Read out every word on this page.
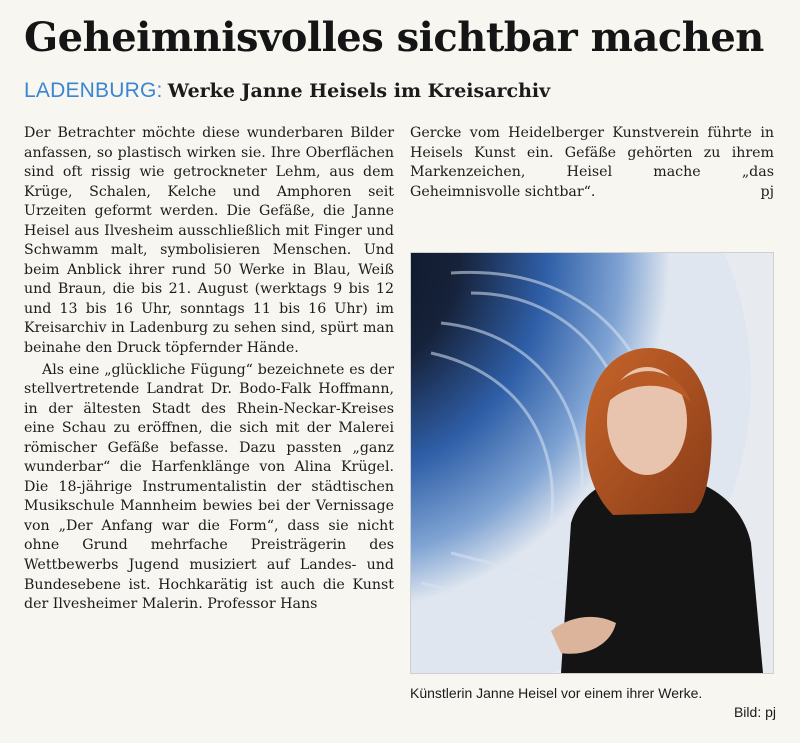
Geheimnisvolles sichtbar machen
LADENBURG: Werke Janne Heisels im Kreisarchiv

Der Betrachter möchte diese wunderbaren Bilder anfassen, so plastisch wirken sie. Ihre Oberflächen sind oft rissig wie getrockneter Lehm, aus dem Krüge, Schalen, Kelche und Amphoren seit Urzeiten geformt werden. Die Gefäße, die Janne Heisel aus Ilvesheim ausschließlich mit Finger und Schwamm malt, symbolisieren Menschen. Und beim Anblick ihrer rund 50 Werke in Blau, Weiß und Braun, die bis 21. August (werktags 9 bis 12 und 13 bis 16 Uhr, sonntags 11 bis 16 Uhr) im Kreisarchiv in Ladenburg zu sehen sind, spürt man beinahe den Druck töpfernder Hände.

Als eine „glückliche Fügung“ bezeichnete es der stellvertretende Landrat Dr. Bodo-Falk Hoffmann, in der ältesten Stadt des Rhein-Neckar-Kreises eine Schau zu eröffnen, die sich mit der Malerei römischer Gefäße befasse. Dazu passten „ganz wunderbar“ die Harfenklänge von Alina Krügel. Die 18-jährige Instrumentalistin der städtischen Musikschule Mannheim bewies bei der Vernissage von „Der Anfang war die Form“, dass sie nicht ohne Grund mehrfache Preisträgerin des Wettbewerbs Jugend musiziert auf Landes- und Bundesebene ist. Hochkarätig ist auch die Kunst der Ilvesheimer Malerin. Professor Hans

Gercke vom Heidelberger Kunstverein führte in Heisels Kunst ein. Gefäße gehörten zu ihrem Markenzeichen, Heisel mache „das Geheimnisvolle sichtbar“.	pj

Künstlerin Janne Heisel vor einem ihrer Werke.
Bild: pj
